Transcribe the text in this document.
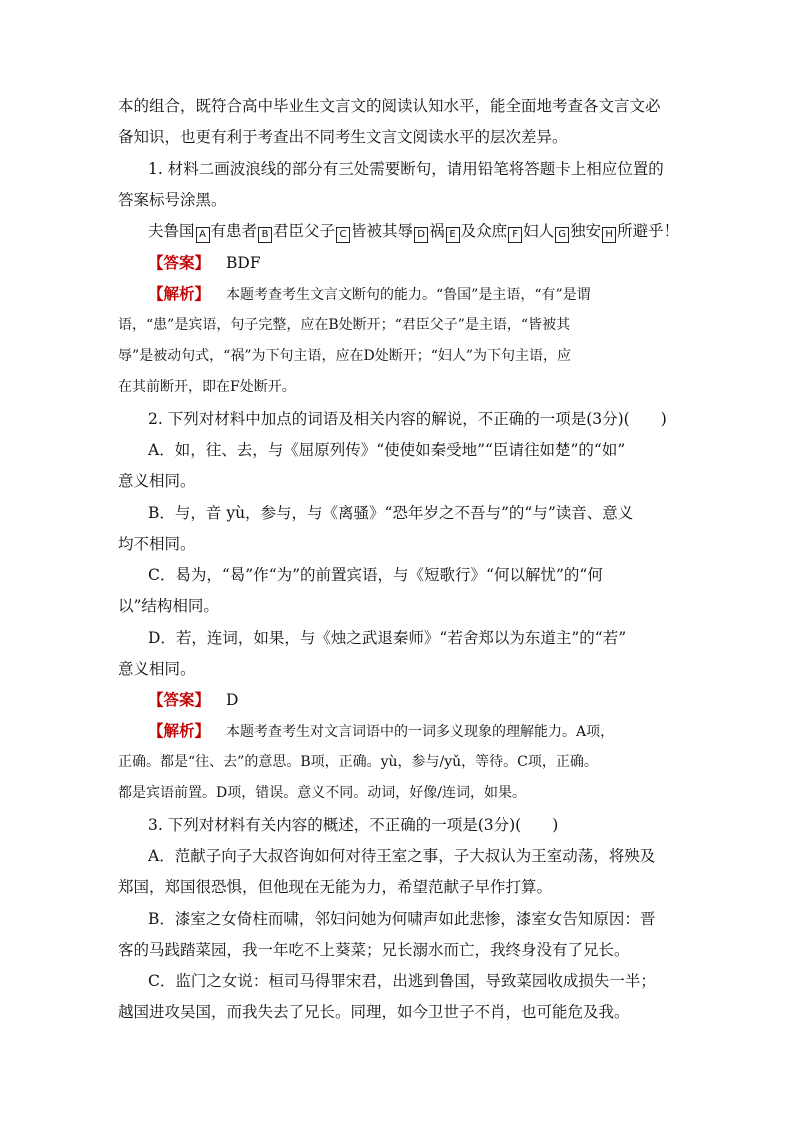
本的组合，既符合高中毕业生文言文的阅读认知水平，能全面地考查各文言文必
备知识，也更有利于考查出不同考生文言文阅读水平的层次差异。
1. 材料二画波浪线的部分有三处需要断句，请用铅笔将答题卡上相应位置的
答案标号涂黑。
夫鲁国 A 有患者 B 君臣父子 C 皆被其辱 D 祸 E 及众庶 F 妇人 G 独安 H 所避乎！
【答案】 BDF
【解析】 本题考查考生文言文断句的能力。“鲁国”是主语，“有”是谓
语，“患”是宾语，句子完整，应在B处断开；“君臣父子”是主语，“皆被其
辱”是被动句式，“祸”为下句主语，应在D处断开；“妇人”为下句主语，应
在其前断开，即在F处断开。
2. 下列对材料中加点的词语及相关内容的解说，不正确的一项是(3分)(　　)
A．如，往、去，与《屈原列传》“使使如秦受地”“臣请往如楚”的“如”
意义相同。
B．与，音 yù，参与，与《离骚》“恐年岁之不吾与”的“与”读音、意义
均不相同。
C．曷为，“曷”作“为”的前置宾语，与《短歌行》“何以解忧”的“何
以”结构相同。
D．若，连词，如果，与《烛之武退秦师》“若舍郑以为东道主”的“若”
意义相同。
【答案】 D
【解析】 本题考查考生对文言词语中的一词多义现象的理解能力。A项，
正确。都是“往、去”的意思。B项，正确。yù，参与/yǔ，等待。C项，正确。
都是宾语前置。D项，错误。意义不同。动词，好像/连词，如果。
3. 下列对材料有关内容的概述，不正确的一项是(3分)(　　)
A．范献子向子大叔咨询如何对待王室之事，子大叔认为王室动荡，将殃及
郑国，郑国很恐惧，但他现在无能为力，希望范献子早作打算。
B．漆室之女倚柱而啸，邻妇问她为何啸声如此悲惨，漆室女告知原因：晋
客的马践踏菜园，我一年吃不上葵菜；兄长溺水而亡，我终身没有了兄长。
C．监门之女说：桓司马得罪宋君，出逃到鲁国，导致菜园收成损失一半；
越国进攻吴国，而我失去了兄长。同理，如今卫世子不肖，也可能危及我。
